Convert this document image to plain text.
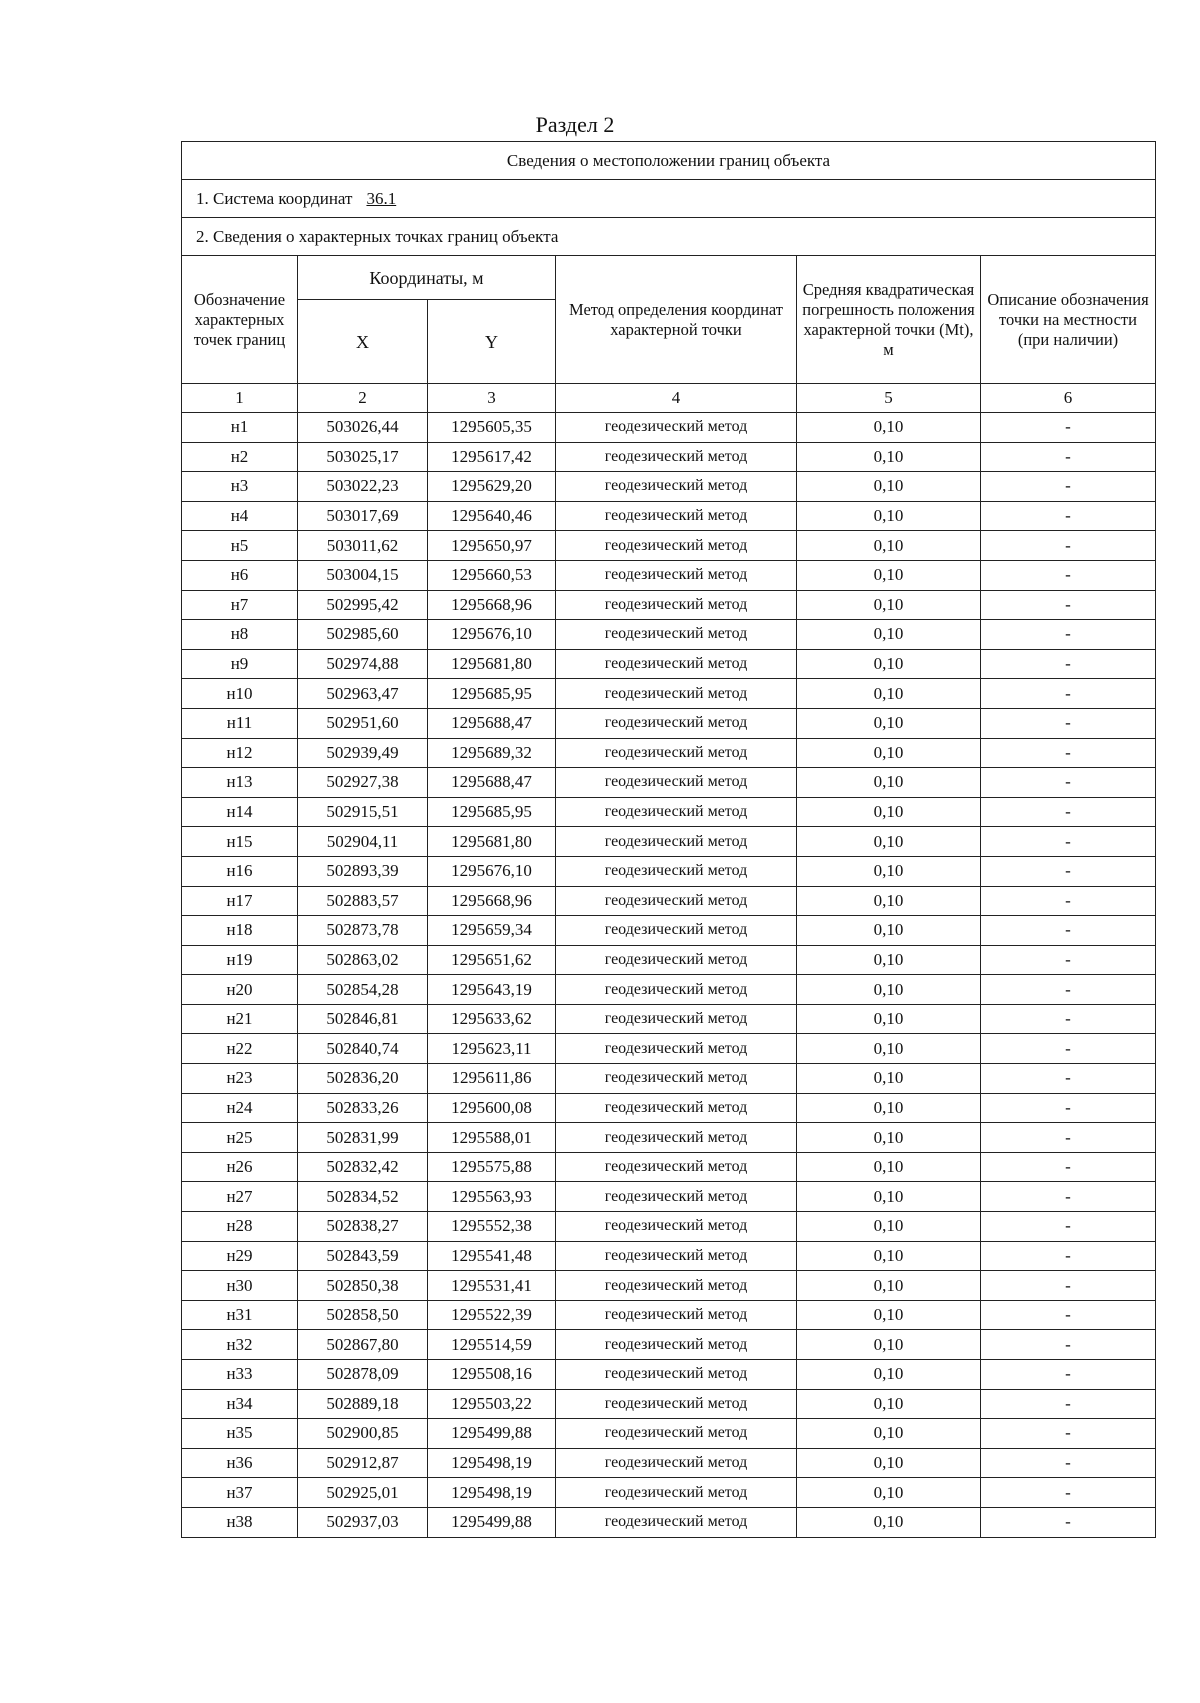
Раздел 2
Сведения о местоположении границ объекта					
1. Система координат 36.1					
2. Сведения о характерных точках границ объекта					
Обозначение характерных точек границ	Координаты, м		Метод определения координат характерной точки	Средняя квадратическая погрешность положения характерной точки (Mt), м	Описание обозначения точки на местности (при наличии)
	X	Y			
1	2	3	4	5	6
н1	503026,44	1295605,35	геодезический метод	0,10	-
н2	503025,17	1295617,42	геодезический метод	0,10	-
н3	503022,23	1295629,20	геодезический метод	0,10	-
н4	503017,69	1295640,46	геодезический метод	0,10	-
н5	503011,62	1295650,97	геодезический метод	0,10	-
н6	503004,15	1295660,53	геодезический метод	0,10	-
н7	502995,42	1295668,96	геодезический метод	0,10	-
н8	502985,60	1295676,10	геодезический метод	0,10	-
н9	502974,88	1295681,80	геодезический метод	0,10	-
н10	502963,47	1295685,95	геодезический метод	0,10	-
н11	502951,60	1295688,47	геодезический метод	0,10	-
н12	502939,49	1295689,32	геодезический метод	0,10	-
н13	502927,38	1295688,47	геодезический метод	0,10	-
н14	502915,51	1295685,95	геодезический метод	0,10	-
н15	502904,11	1295681,80	геодезический метод	0,10	-
н16	502893,39	1295676,10	геодезический метод	0,10	-
н17	502883,57	1295668,96	геодезический метод	0,10	-
н18	502873,78	1295659,34	геодезический метод	0,10	-
н19	502863,02	1295651,62	геодезический метод	0,10	-
н20	502854,28	1295643,19	геодезический метод	0,10	-
н21	502846,81	1295633,62	геодезический метод	0,10	-
н22	502840,74	1295623,11	геодезический метод	0,10	-
н23	502836,20	1295611,86	геодезический метод	0,10	-
н24	502833,26	1295600,08	геодезический метод	0,10	-
н25	502831,99	1295588,01	геодезический метод	0,10	-
н26	502832,42	1295575,88	геодезический метод	0,10	-
н27	502834,52	1295563,93	геодезический метод	0,10	-
н28	502838,27	1295552,38	геодезический метод	0,10	-
н29	502843,59	1295541,48	геодезический метод	0,10	-
н30	502850,38	1295531,41	геодезический метод	0,10	-
н31	502858,50	1295522,39	геодезический метод	0,10	-
н32	502867,80	1295514,59	геодезический метод	0,10	-
н33	502878,09	1295508,16	геодезический метод	0,10	-
н34	502889,18	1295503,22	геодезический метод	0,10	-
н35	502900,85	1295499,88	геодезический метод	0,10	-
н36	502912,87	1295498,19	геодезический метод	0,10	-
н37	502925,01	1295498,19	геодезический метод	0,10	-
н38	502937,03	1295499,88	геодезический метод	0,10	-
